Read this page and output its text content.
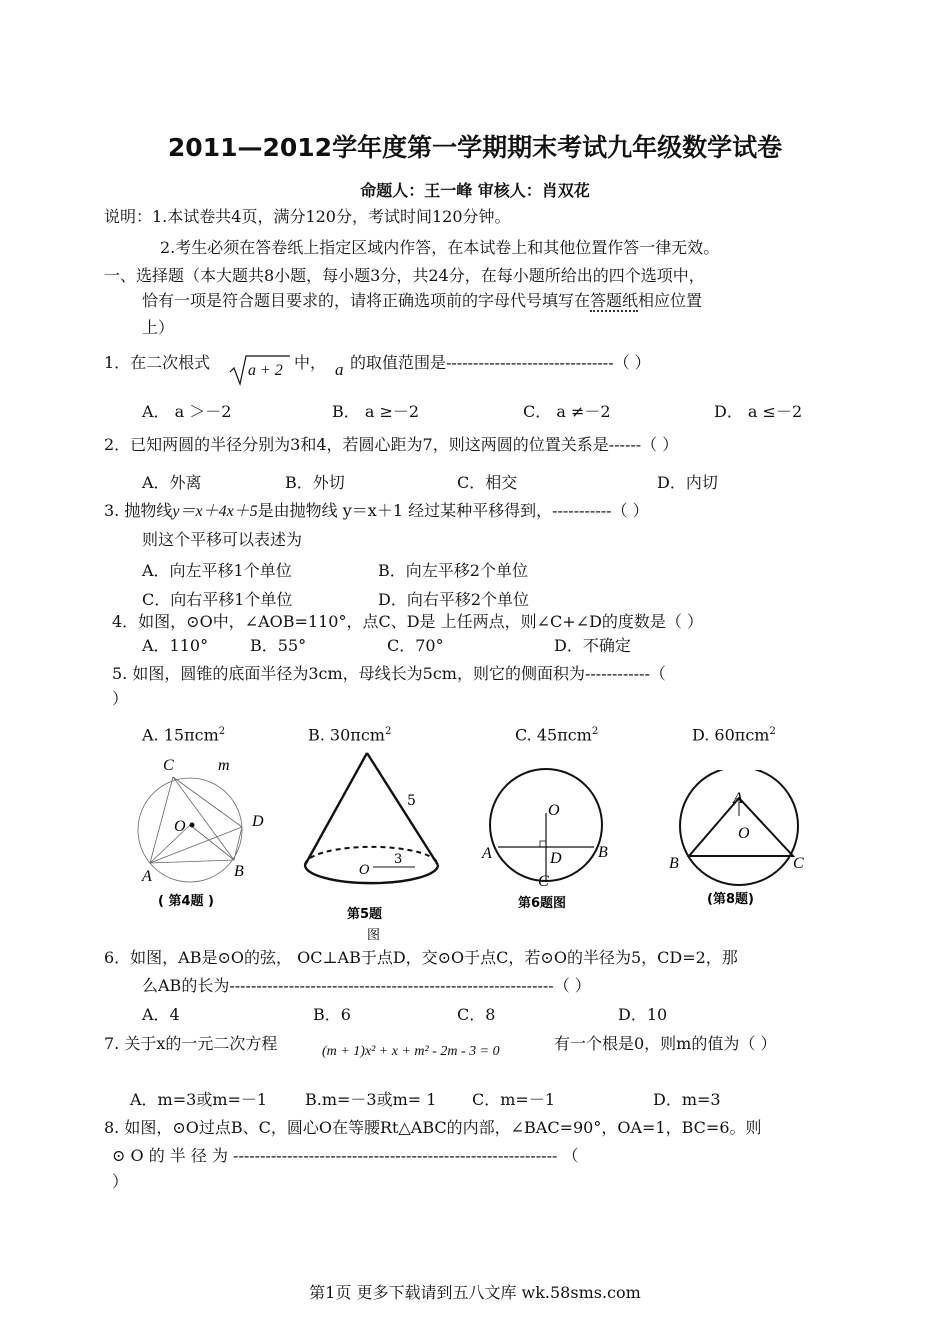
2011—2012学年度第一学期期末考试九年级数学试卷
命题人：王一峰 审核人：肖双花
说明：1.本试卷共4页，满分120分，考试时间120分钟。
2.考生必须在答卷纸上指定区域内作答，在本试卷上和其他位置作答一律无效。
一、选择题（本大题共8小题，每小题3分，共24分，在每小题所给出的四个选项中，
恰有一项是符合题目要求的，请将正确选项前的字母代号填写在答题纸相应位置
上）
1．在二次根式 a + 2 中， a 的取值范围是-------------------------------（ ）
A． a ＞－2	B． a ≥－2	C． a ≠－2	D． a ≤－2
2．已知两圆的半径分别为3和4，若圆心距为7，则这两圆的位置关系是------（ ）
A．外离	B．外切	C．相交	D．内切
3. 抛物线y＝x＋4x＋5是由抛物线 y＝x＋1 经过某种平移得到，-----------（ ）
则这个平移可以表述为
A．向左平移1个单位	B．向左平移2个单位
C．向右平移1个单位	D．向右平移2个单位
4．如图，⊙O中，∠AOB=110°，点C、D是 上任两点，则∠C+∠D的度数是（ ）
A．110°	B．55°	C．70°	D．不确定
5. 如图，圆锥的底面半径为3cm，母线长为5cm，则它的侧面积为------------（
）
A. 15πcm$^2$	B. 30πcm$^2$	C. 45πcm$^2$	D. 60πcm$^2$
C	m
O	D
A	B
( 第4题 )
5
O
3
第5题
图
O
A	B
D
C
第6题图
A
O
B	C
(第8题)
6．如图，AB是⊙O的弦， OC⊥AB于点D，交⊙O于点C，若⊙O的半径为5，CD=2，那
么AB的长为------------------------------------------------------------（ ）
A．4	B．6	C．8	D．10
7. 关于x的一元二次方程	(m + 1)x² + x + m² - 2m - 3 = 0	有一个根是0，则m的值为（ ）
A．m=3或m=－1 B.m=－3或m= 1 C．m=－1	D．m=3
8. 如图，⊙O过点B、C，圆心O在等腰Rt△ABC的内部，∠BAC=90°，OA=1，BC=6。则
⊙ O 的 半 径 为 ------------------------------------------------------------ （
）
第1页 更多下载请到五八文库 wk.58sms.com
